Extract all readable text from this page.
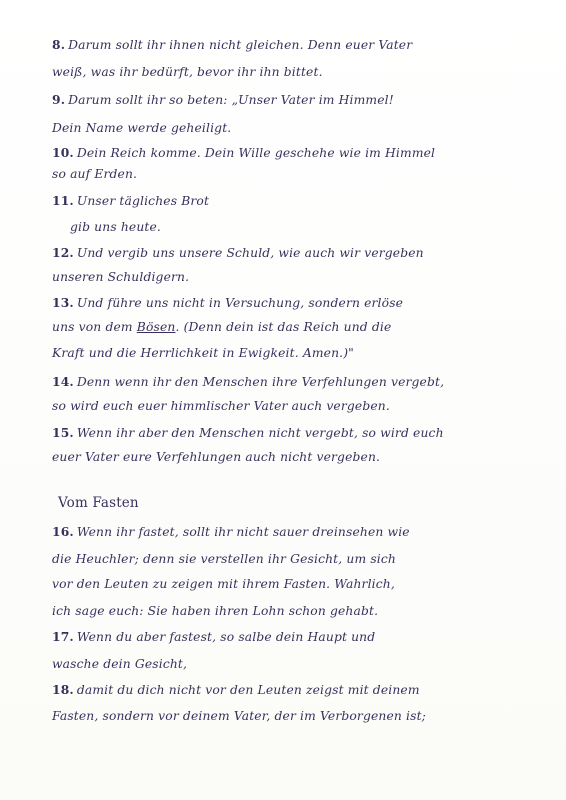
8. Darum sollt ihr ihnen nicht gleichen. Denn euer Vater
weiß, was ihr bedürft, bevor ihr ihn bittet.
9. Darum sollt ihr so beten: „Unser Vater im Himmel!
Dein Name werde geheiligt.
10. Dein Reich komme. Dein Wille geschehe wie im Himmel
so auf Erden.
11. Unser tägliches Brot
gib uns heute.
12. Und vergib uns unsere Schuld, wie auch wir vergeben
unseren Schuldigern.
13. Und führe uns nicht in Versuchung, sondern erlöse
uns von dem Bösen. (Denn dein ist das Reich und die
Kraft und die Herrlichkeit in Ewigkeit. Amen.)"
14. Denn wenn ihr den Menschen ihre Verfehlungen vergebt,
so wird euch euer himmlischer Vater auch vergeben.
15. Wenn ihr aber den Menschen nicht vergebt, so wird euch
euer Vater eure Verfehlungen auch nicht vergeben.
Vom Fasten
16. Wenn ihr fastet, sollt ihr nicht sauer dreinsehen wie
die Heuchler; denn sie verstellen ihr Gesicht, um sich
vor den Leuten zu zeigen mit ihrem Fasten. Wahrlich,
ich sage euch: Sie haben ihren Lohn schon gehabt.
17. Wenn du aber fastest, so salbe dein Haupt und
wasche dein Gesicht,
18. damit du dich nicht vor den Leuten zeigst mit deinem
Fasten, sondern vor deinem Vater, der im Verborgenen ist;
